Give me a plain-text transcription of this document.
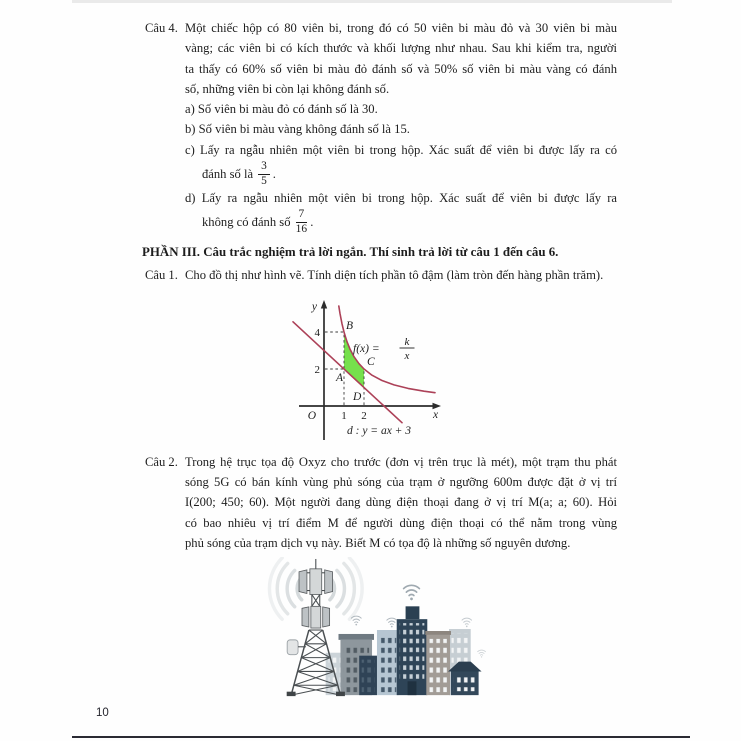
Câu 4. Một chiếc hộp có 80 viên bi, trong đó có 50 viên bi màu đỏ và 30 viên bi màu
vàng; các viên bi có kích thước và khối lượng như nhau. Sau khi kiểm tra, người
ta thấy có 60% số viên bi màu đỏ đánh số và 50% số viên bi màu vàng có đánh
số, những viên bi còn lại không đánh số.
a) Số viên bi màu đỏ có đánh số là 30.
b) Số viên bi màu vàng không đánh số là 15.
c) Lấy ra ngẫu nhiên một viên bi trong hộp. Xác suất để viên bi được lấy ra có
đánh số là $\frac{3}{5}$ .
d) Lấy ra ngẫu nhiên một viên bi trong hộp. Xác suất để viên bi được lấy ra
không có đánh số $\frac{7}{16}$ .
PHẦN III. Câu trắc nghiệm trả lời ngắn. Thí sinh trả lời từ câu 1 đến câu 6.
Câu 1. Cho đồ thị như hình vẽ. Tính diện tích phần tô đậm (làm tròn đến hàng phần trăm).
y
x
O
4
2
1 2
B
A
C
D
f(x) =
k
x
d : y = ax + 3
Câu 2. Trong hệ trục tọa độ Oxyz cho trước (đơn vị trên trục là mét), một trạm thu phát
sóng 5G có bán kính vùng phủ sóng của trạm ở ngưỡng 600m được đặt ở vị trí
I(200; 450; 60). Một người đang dùng điện thoại đang ở vị trí M(a; a; 60). Hỏi
có bao nhiêu vị trí điểm M để người dùng điện thoại có thể nằm trong vùng
phủ sóng của trạm dịch vụ này. Biết M có tọa độ là những số nguyên dương.
10
